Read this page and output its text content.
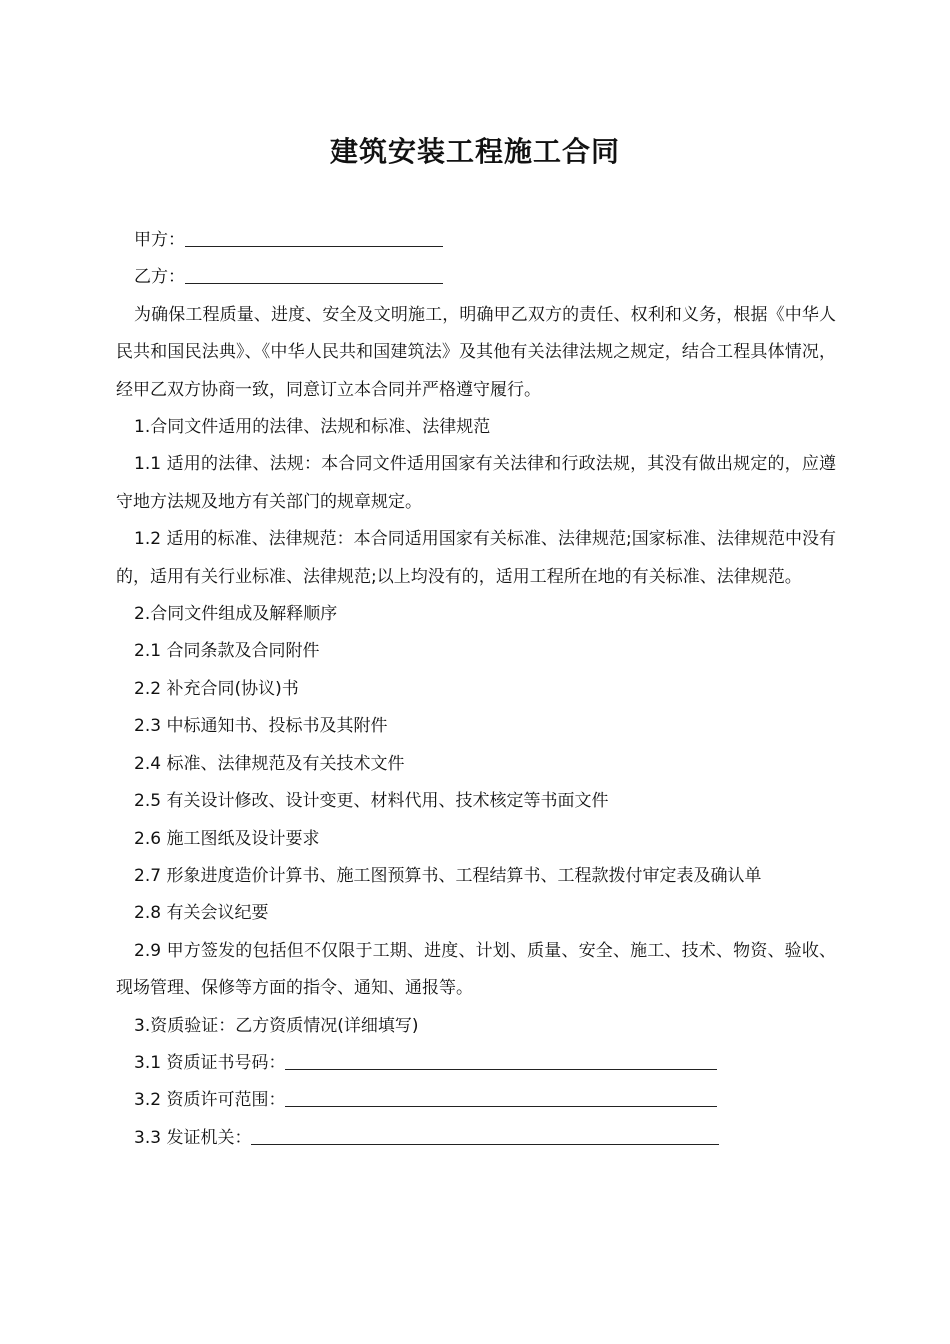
建筑安装工程施工合同

甲方：

乙方：

为确保工程质量、进度、安全及文明施工，明确甲乙双方的责任、权利和义务，根据《中华人民共和国民法典》、《中华人民共和国建筑法》及其他有关法律法规之规定，结合工程具体情况，经甲乙双方协商一致，同意订立本合同并严格遵守履行。

1.合同文件适用的法律、法规和标准、法律规范

1.1 适用的法律、法规：本合同文件适用国家有关法律和行政法规，其没有做出规定的，应遵守地方法规及地方有关部门的规章规定。

1.2 适用的标准、法律规范：本合同适用国家有关标准、法律规范;国家标准、法律规范中没有的，适用有关行业标准、法律规范;以上均没有的，适用工程所在地的有关标准、法律规范。

2.合同文件组成及解释顺序

2.1 合同条款及合同附件

2.2 补充合同(协议)书

2.3 中标通知书、投标书及其附件

2.4 标准、法律规范及有关技术文件

2.5 有关设计修改、设计变更、材料代用、技术核定等书面文件

2.6 施工图纸及设计要求

2.7 形象进度造价计算书、施工图预算书、工程结算书、工程款拨付审定表及确认单

2.8 有关会议纪要

2.9 甲方签发的包括但不仅限于工期、进度、计划、质量、安全、施工、技术、物资、验收、现场管理、保修等方面的指令、通知、通报等。

3.资质验证：乙方资质情况(详细填写)

3.1 资质证书号码：

3.2 资质许可范围：

3.3 发证机关：
